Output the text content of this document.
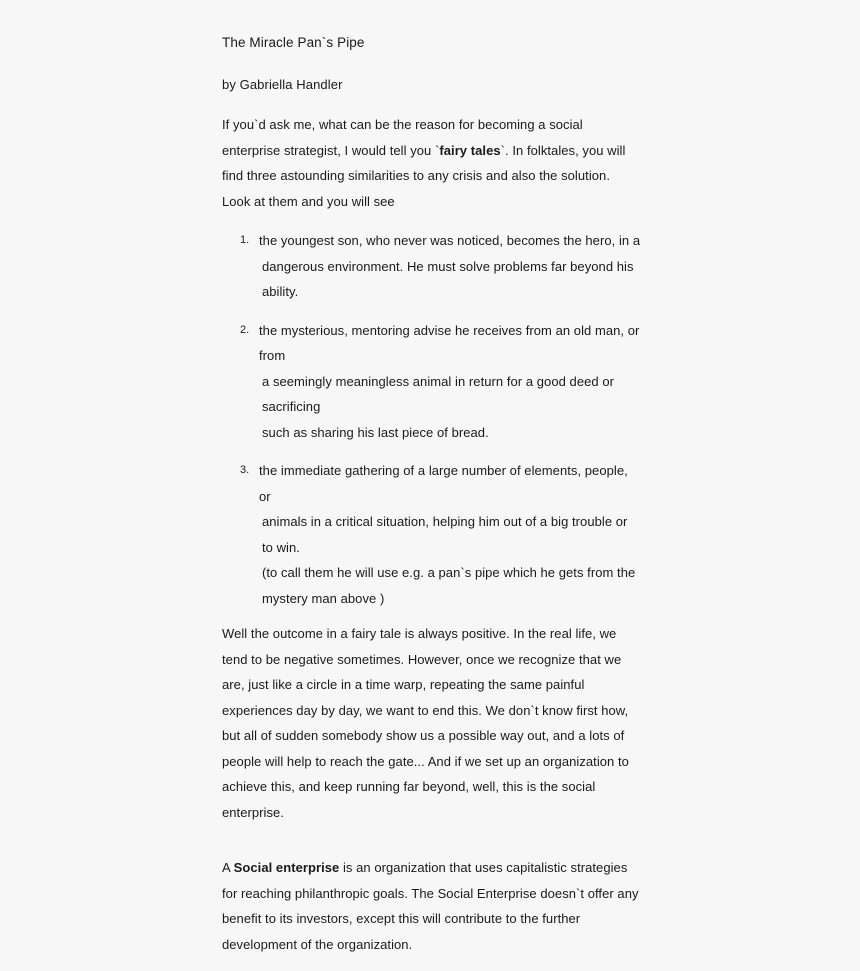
The Miracle Pan`s Pipe
by Gabriella Handler

If you`d ask me, what can be the reason for becoming a social enterprise strategist, I would tell you `fairy tales`. In folktales, you will find three astounding similarities to any crisis and also the solution. Look at them and you will see

1. the youngest son, who never was noticed, becomes the hero, in a
dangerous environment. He must solve problems far beyond his ability.
2. the mysterious, mentoring advise he receives from an old man, or from
a seemingly meaningless animal in return for a good deed or sacrificing
such as sharing his last piece of bread.
3. the immediate gathering of a large number of elements, people, or
animals in a critical situation, helping him out of a big trouble or to win.
(to call them he will use e.g. a pan`s pipe which he gets from the
mystery man above )

Well the outcome in a fairy tale is always positive. In the real life, we tend to be negative sometimes. However, once we recognize that we are, just like a circle in a time warp, repeating the same painful experiences day by day, we want to end this. We don`t know first how, but all of sudden somebody show us a possible way out, and a lots of people will help to reach the gate... And if we set up an organization to achieve this, and keep running far beyond, well, this is the social enterprise.

A Social enterprise is an organization that uses capitalistic strategies for reaching philanthropic goals. The Social Enterprise doesn`t offer any benefit to its investors, except this will contribute to the further development of the organization.
